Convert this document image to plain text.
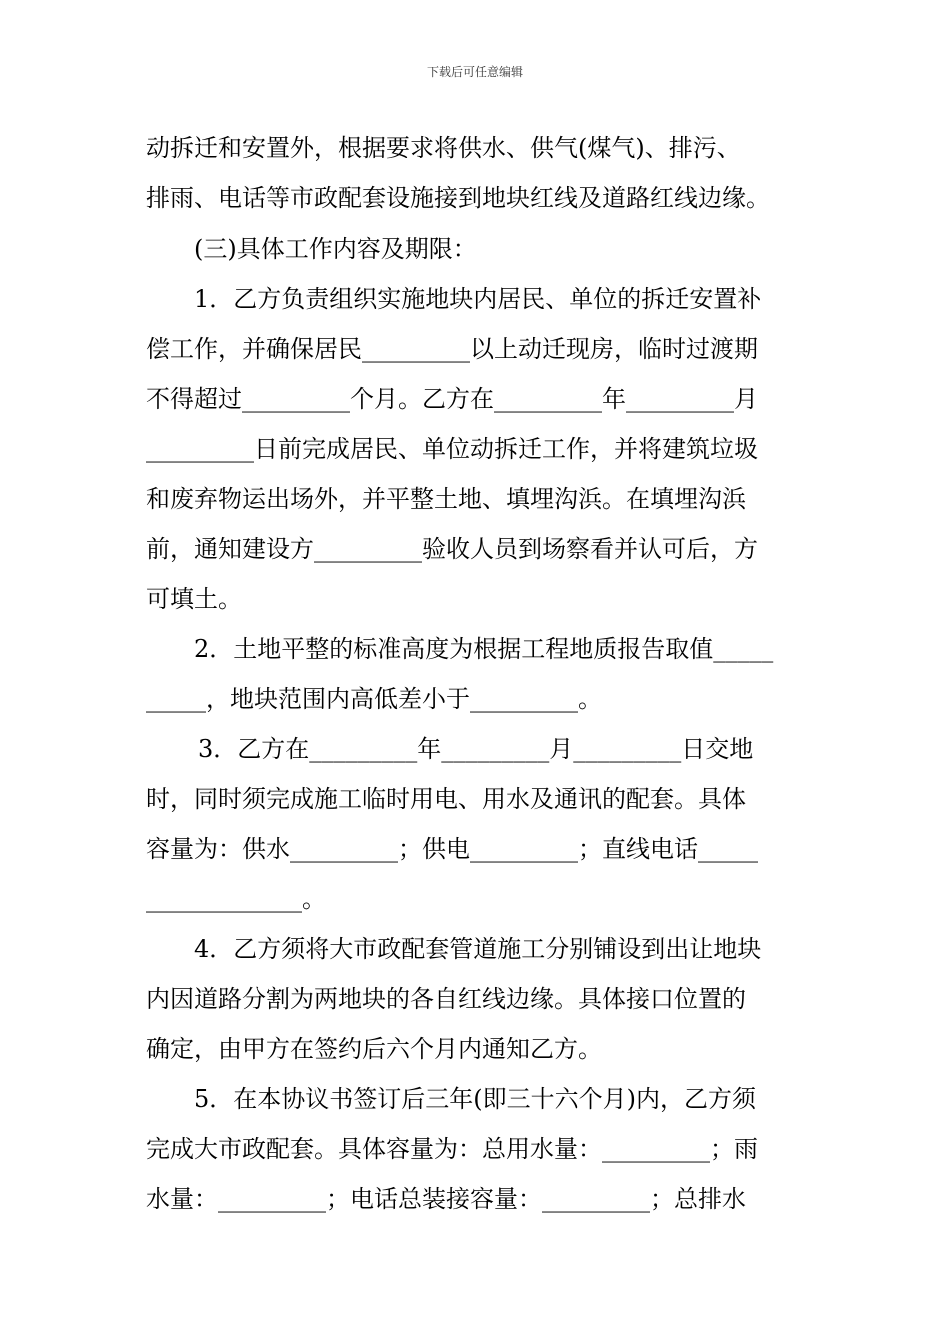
下载后可任意编辑
动拆迁和安置外，根据要求将供水、供气(煤气)、排污、
排雨、电话等市政配套设施接到地块红线及道路红线边缘。
(三)具体工作内容及期限：
1．乙方负责组织实施地块内居民、单位的拆迁安置补
偿工作，并确保居民_________以上动迁现房，临时过渡期
不得超过_________个月。乙方在_________年_________月
_________日前完成居民、单位动拆迁工作，并将建筑垃圾
和废弃物运出场外，并平整土地、填埋沟浜。在填埋沟浜
前，通知建设方_________验收人员到场察看并认可后，方
可填土。
2．土地平整的标准高度为根据工程地质报告取值_____
_____，地块范围内高低差小于_________。
3．乙方在_________年_________月_________日交地
时，同时须完成施工临时用电、用水及通讯的配套。具体
容量为：供水_________；供电_________；直线电话_____
_____________。
4．乙方须将大市政配套管道施工分别铺设到出让地块
内因道路分割为两地块的各自红线边缘。具体接口位置的
确定，由甲方在签约后六个月内通知乙方。
5．在本协议书签订后三年(即三十六个月)内，乙方须
完成大市政配套。具体容量为：总用水量：_________；雨
水量：_________；电话总装接容量：_________；总排水
